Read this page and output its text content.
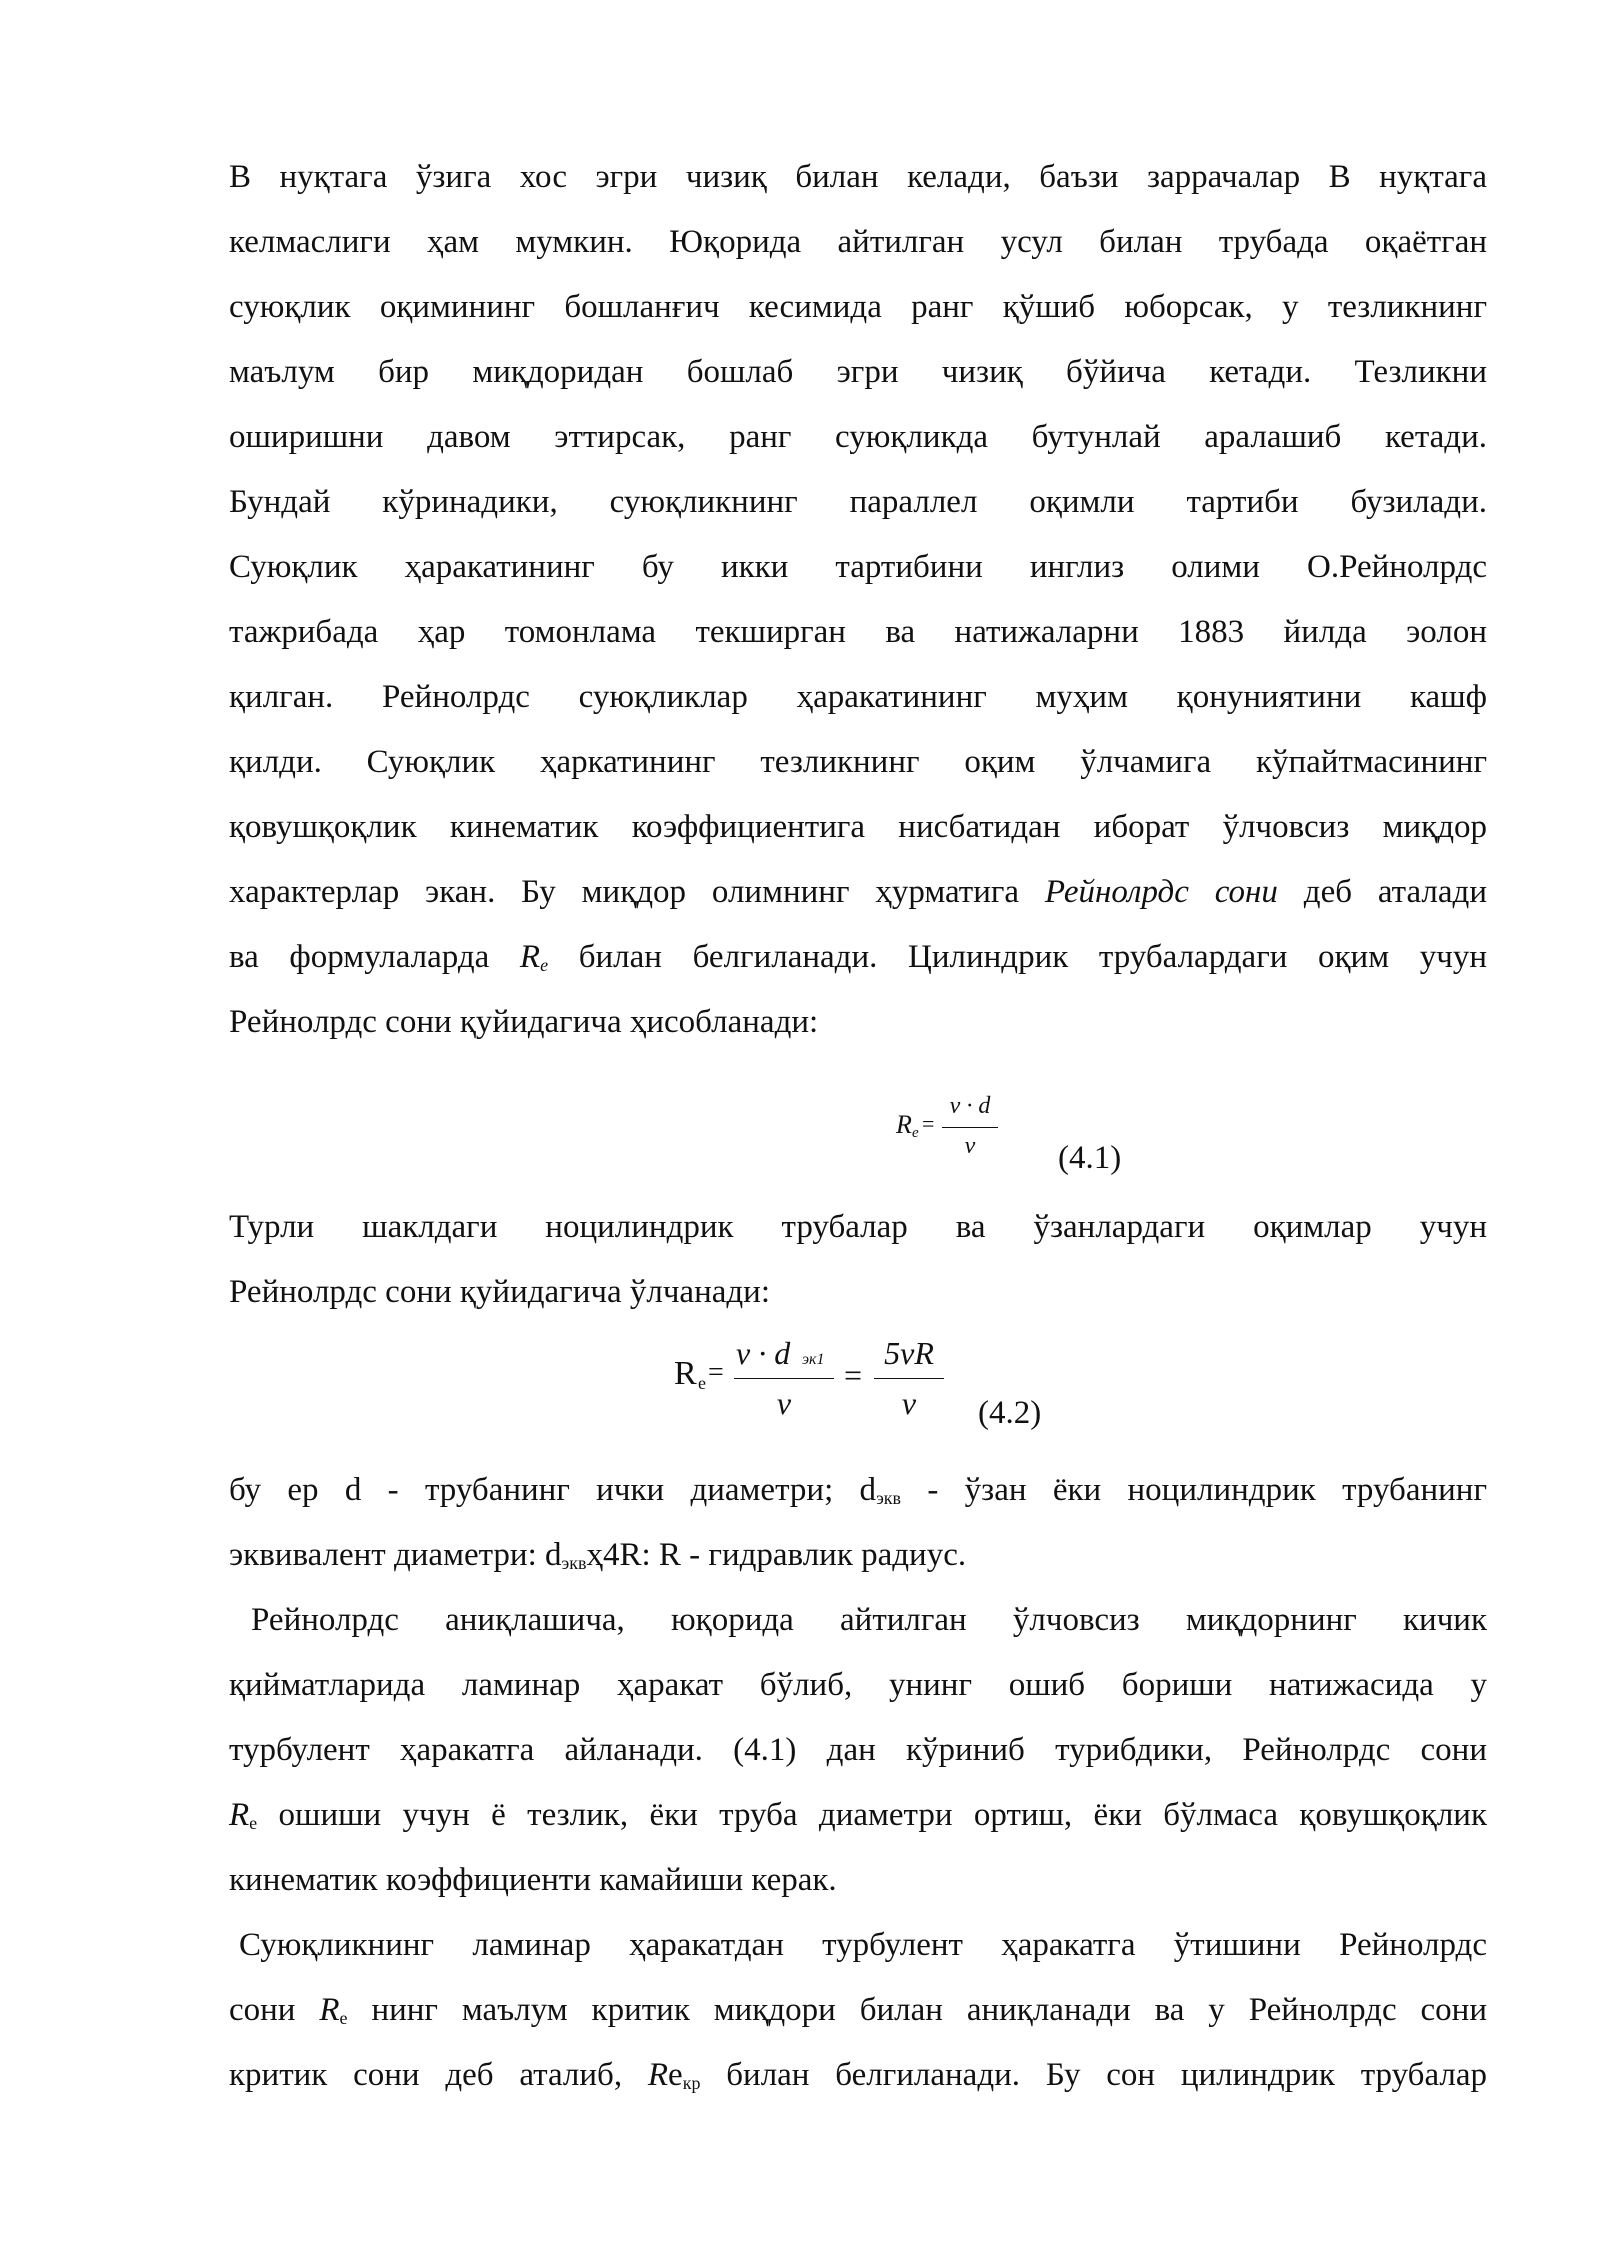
В нуқтага ўзига хос эгри чизиқ билан келади, баъзи заррачалар В нуқтага
келмаслиги ҳам мумкин. Юқорида айтилган усул билан трубада оқаётган
суюқлик оқимининг бошланғич кесимида ранг қўшиб юборсак, у тезликнинг
маълум бир миқдоридан бошлаб эгри чизиқ бўйича кетади. Тезликни
оширишни давом эттирсак, ранг суюқликда бутунлай аралашиб кетади.
Бундай кўринадики, суюқликнинг параллел оқимли тартиби бузилади.
Суюқлик ҳаракатининг бу икки тартибини инглиз олими О.Рейнолрдс
тажрибада ҳар томонлама текширган ва натижаларни 1883 йилда эолон
қилган. Рейнолрдс суюқликлар ҳаракатининг муҳим қонуниятини кашф
қилди. Суюқлик ҳаркатининг тезликнинг оқим ўлчамига кўпайтмасининг
қовушқоқлик кинематик коэффициентига нисбатидан иборат ўлчовсиз миқдор
характерлар экан. Бу миқдор олимнинг ҳурматига Рейнолрдс сони деб аталади
ва формулаларда $R_e$ билан белгиланади. Цилиндрик трубалардаги оқим учун
Рейнолрдс сони қуйидагича ҳисобланади:
R e =
v · d
v	(4.1)
Турли шаклдаги ноцилиндрик трубалар ва ўзанлардаги оқимлар учун
Рейнолрдс сони қуйидагича ўлчанади:
R e =
v · d эк1
v
=
5vR
v	(4.2)
бу ер d - трубанинг ички диаметри; $d_{экв}$ - ўзан ёки ноцилиндрик трубанинг
эквивалент диаметри: $d_{экв}ҳ4R$: R - гидравлик радиус.
Рейнолрдс аниқлашича, юқорида айтилган ўлчовсиз миқдорнинг кичик
қийматларида ламинар ҳаракат бўлиб, унинг ошиб бориши натижасида у
турбулент ҳаракатга айланади. (4.1) дан кўриниб турибдики, Рейнолрдс сони
$R_e$ ошиши учун ё тезлик, ёки труба диаметри ортиш, ёки бўлмаса қовушқоқлик
кинематик коэффициенти камайиши керак.
Суюқликнинг ламинар ҳаракатдан турбулент ҳаракатга ўтишини Рейнолрдс
сони $R_e$ нинг маълум критик миқдори билан аниқланади ва у Рейнолрдс сони
критик сони деб аталиб, $Re_{кр}$ билан белгиланади. Бу сон цилиндрик трубалар
